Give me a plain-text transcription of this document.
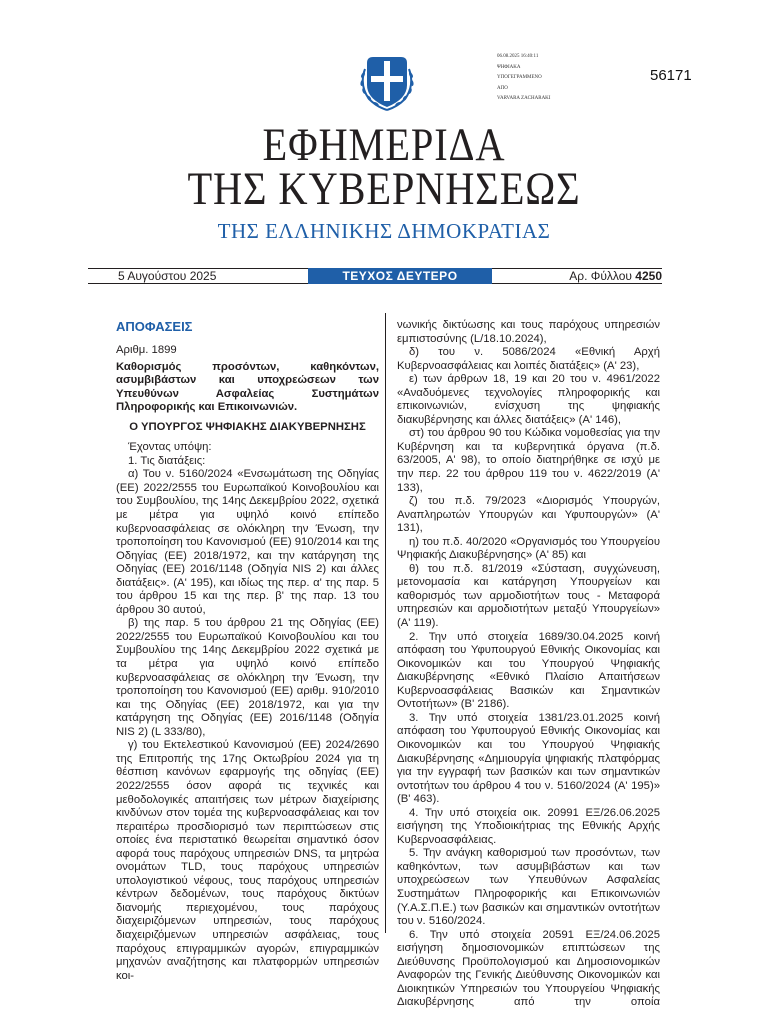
06.08.2025 16:40:11
ΨΗΦΙΑΚΑ
ΥΠΟΓΕΓΡΑΜΜΕΝΟ
ΑΠΟ
VARVARA ZACHARAKI
56171
ΕΦΗΜΕΡΙΔΑ
ΤΗΣ ΚΥΒΕΡΝΗΣΕΩΣ
ΤΗΣ ΕΛΛΗΝΙΚΗΣ ΔΗΜΟΚΡΑΤΙΑΣ
5 Αυγούστου 2025	ΤΕΥΧΟΣ ΔΕΥΤΕΡΟ	Αρ. Φύλλου 4250

ΑΠΟΦΑΣΕΙΣ

Αριθμ. 1899

Καθορισμός προσόντων, καθηκόντων, ασυμβιβάστων και υποχρεώσεων των Υπευθύνων Ασφαλείας Συστημάτων Πληροφορικής και Επικοινωνιών.

Ο ΥΠΟΥΡΓΟΣ ΨΗΦΙΑΚΗΣ ΔΙΑΚΥΒΕΡΝΗΣΗΣ

Έχοντας υπόψη:

1. Τις διατάξεις:

α) Του ν. 5160/2024 «Ενσωμάτωση της Οδηγίας (ΕΕ) 2022/2555 του Ευρωπαϊκού Κοινοβουλίου και του Συμβουλίου, της 14ης Δεκεμβρίου 2022, σχετικά με μέτρα για υψηλό κοινό επίπεδο κυβερνοασφάλειας σε ολόκληρη την Ένωση, την τροποποίηση του Κανονισμού (ΕΕ) 910/2014 και της Οδηγίας (ΕΕ) 2018/1972, και την κατάργηση της Οδηγίας (ΕΕ) 2016/1148 (Οδηγία NIS 2) και άλλες διατάξεις». (Α' 195), και ιδίως της περ. α' της παρ. 5 του άρθρου 15 και της περ. β' της παρ. 13 του άρθρου 30 αυτού,

β) της παρ. 5 του άρθρου 21 της Οδηγίας (ΕΕ) 2022/2555 του Ευρωπαϊκού Κοινοβουλίου και του Συμβουλίου της 14ης Δεκεμβρίου 2022 σχετικά με τα μέτρα για υψηλό κοινό επίπεδο κυβερνοασφάλειας σε ολόκληρη την Ένωση, την τροποποίηση του Κανονισμού (ΕΕ) αριθμ. 910/2010 και της Οδηγίας (ΕΕ) 2018/1972, και για την κατάργηση της Οδηγίας (ΕΕ) 2016/1148 (Οδηγία NIS 2) (L 333/80),

γ) του Εκτελεστικού Κανονισμού (ΕΕ) 2024/2690 της Επιτροπής της 17ης Οκτωβρίου 2024 για τη θέσπιση κανόνων εφαρμογής της οδηγίας (ΕΕ) 2022/2555 όσον αφορά τις τεχνικές και μεθοδολογικές απαιτήσεις των μέτρων διαχείρισης κινδύνων στον τομέα της κυβερνοασφάλειας και τον περαιτέρω προσδιορισμό των περιπτώσεων στις οποίες ένα περιστατικό θεωρείται σημαντικό όσον αφορά τους παρόχους υπηρεσιών DNS, τα μητρώα ονομάτων TLD, τους παρόχους υπηρεσιών υπολογιστικού νέφους, τους παρόχους υπηρεσιών κέντρων δεδομένων, τους παρόχους δικτύων διανομής περιεχομένου, τους παρόχους διαχειριζόμενων υπηρεσιών, τους παρόχους διαχειριζόμενων υπηρεσιών ασφάλειας, τους παρόχους επιγραμμικών αγορών, επιγραμμικών μηχανών αναζήτησης και πλατφορμών υπηρεσιών κοι-

νωνικής δικτύωσης και τους παρόχους υπηρεσιών εμπιστοσύνης (L/18.10.2024),

δ) του ν. 5086/2024 «Εθνική Αρχή Κυβερνοασφάλειας και λοιπές διατάξεις» (Α' 23),

ε) των άρθρων 18, 19 και 20 του ν. 4961/2022 «Αναδυόμενες τεχνολογίες πληροφορικής και επικοινωνιών, ενίσχυση της ψηφιακής διακυβέρνησης και άλλες διατάξεις» (Α' 146),

στ) του άρθρου 90 του Κώδικα νομοθεσίας για την Κυβέρνηση και τα κυβερνητικά όργανα (π.δ. 63/2005, Α' 98), το οποίο διατηρήθηκε σε ισχύ με την περ. 22 του άρθρου 119 του ν. 4622/2019 (Α' 133),

ζ) του π.δ. 79/2023 «Διορισμός Υπουργών, Αναπληρωτών Υπουργών και Υφυπουργών» (Α' 131),

η) του π.δ. 40/2020 «Οργανισμός του Υπουργείου Ψηφιακής Διακυβέρνησης» (Α' 85) και

θ) του π.δ. 81/2019 «Σύσταση, συγχώνευση, μετονομασία και κατάργηση Υπουργείων και καθορισμός των αρμοδιοτήτων τους - Μεταφορά υπηρεσιών και αρμοδιοτήτων μεταξύ Υπουργείων» (Α' 119).

2. Την υπό στοιχεία 1689/30.04.2025 κοινή απόφαση του Υφυπουργού Εθνικής Οικονομίας και Οικονομικών και του Υπουργού Ψηφιακής Διακυβέρνησης «Εθνικό Πλαίσιο Απαιτήσεων Κυβερνοασφάλειας Βασικών και Σημαντικών Οντοτήτων» (Β' 2186).

3. Την υπό στοιχεία 1381/23.01.2025 κοινή απόφαση του Υφυπουργού Εθνικής Οικονομίας και Οικονομικών και του Υπουργού Ψηφιακής Διακυβέρνησης «Δημιουργία ψηφιακής πλατφόρμας για την εγγραφή των βασικών και των σημαντικών οντοτήτων του άρθρου 4 του ν. 5160/2024 (Α' 195)» (Β' 463).

4. Την υπό στοιχεία οικ. 20991 ΕΞ/26.06.2025 εισήγηση της Υποδιοικήτριας της Εθνικής Αρχής Κυβερνοασφάλειας.

5. Την ανάγκη καθορισμού των προσόντων, των καθηκόντων, των ασυμβιβάστων και των υποχρεώσεων των Υπευθύνων Ασφαλείας Συστημάτων Πληροφορικής και Επικοινωνιών (Υ.Α.Σ.Π.Ε.) των βασικών και σημαντικών οντοτήτων του ν. 5160/2024.

6. Την υπό στοιχεία 20591 ΕΞ/24.06.2025 εισήγηση δημοσιονομικών επιπτώσεων της Διεύθυνσης Προϋπολογισμού και Δημοσιονομικών Αναφορών της Γενικής Διεύθυνσης Οικονομικών και Διοικητικών Υπηρεσιών του Υπουργείου Ψηφιακής Διακυβέρνησης από την οποία
